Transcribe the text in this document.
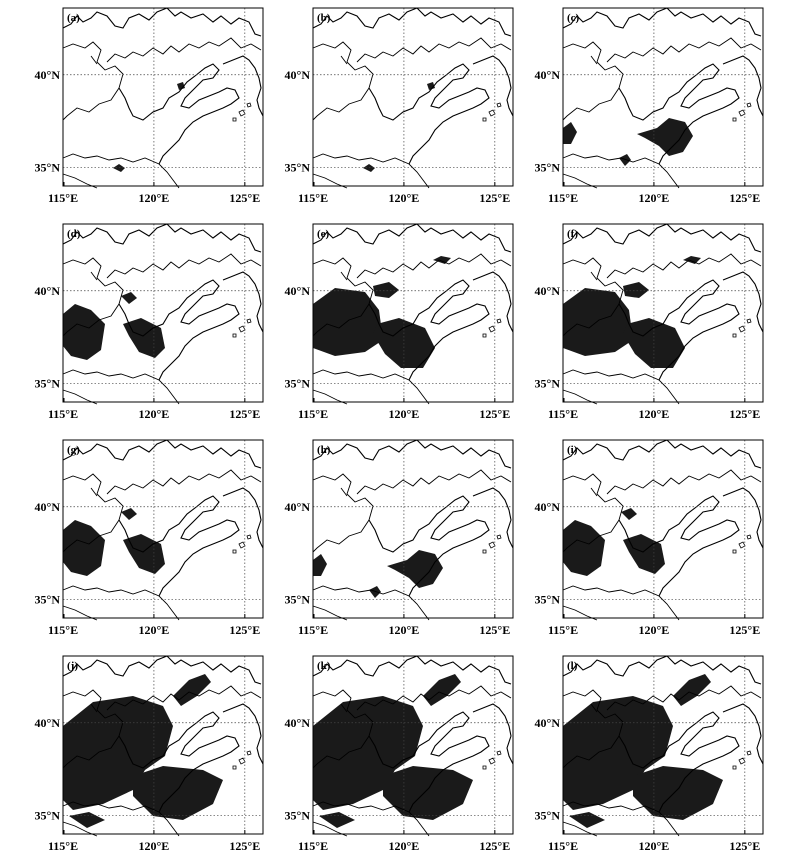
(a)
40°N
35°N
115°E	120°E	125°E
(b)
40°N
35°N
115°E	120°E	125°E
(c)
40°N
35°N
115°E	120°E	125°E
(d)
40°N
35°N
115°E	120°E	125°E
(e)
40°N
35°N
115°E	120°E	125°E
(f)
40°N
35°N
115°E	120°E	125°E
(g)
40°N
35°N
115°E	120°E	125°E
(h)
40°N
35°N
115°E	120°E	125°E
(i)
40°N
35°N
115°E	120°E	125°E
(j)
40°N
35°N
115°E	120°E	125°E
(k)
40°N
35°N
115°E	120°E	125°E
(l)
40°N
35°N
115°E	120°E	125°E
